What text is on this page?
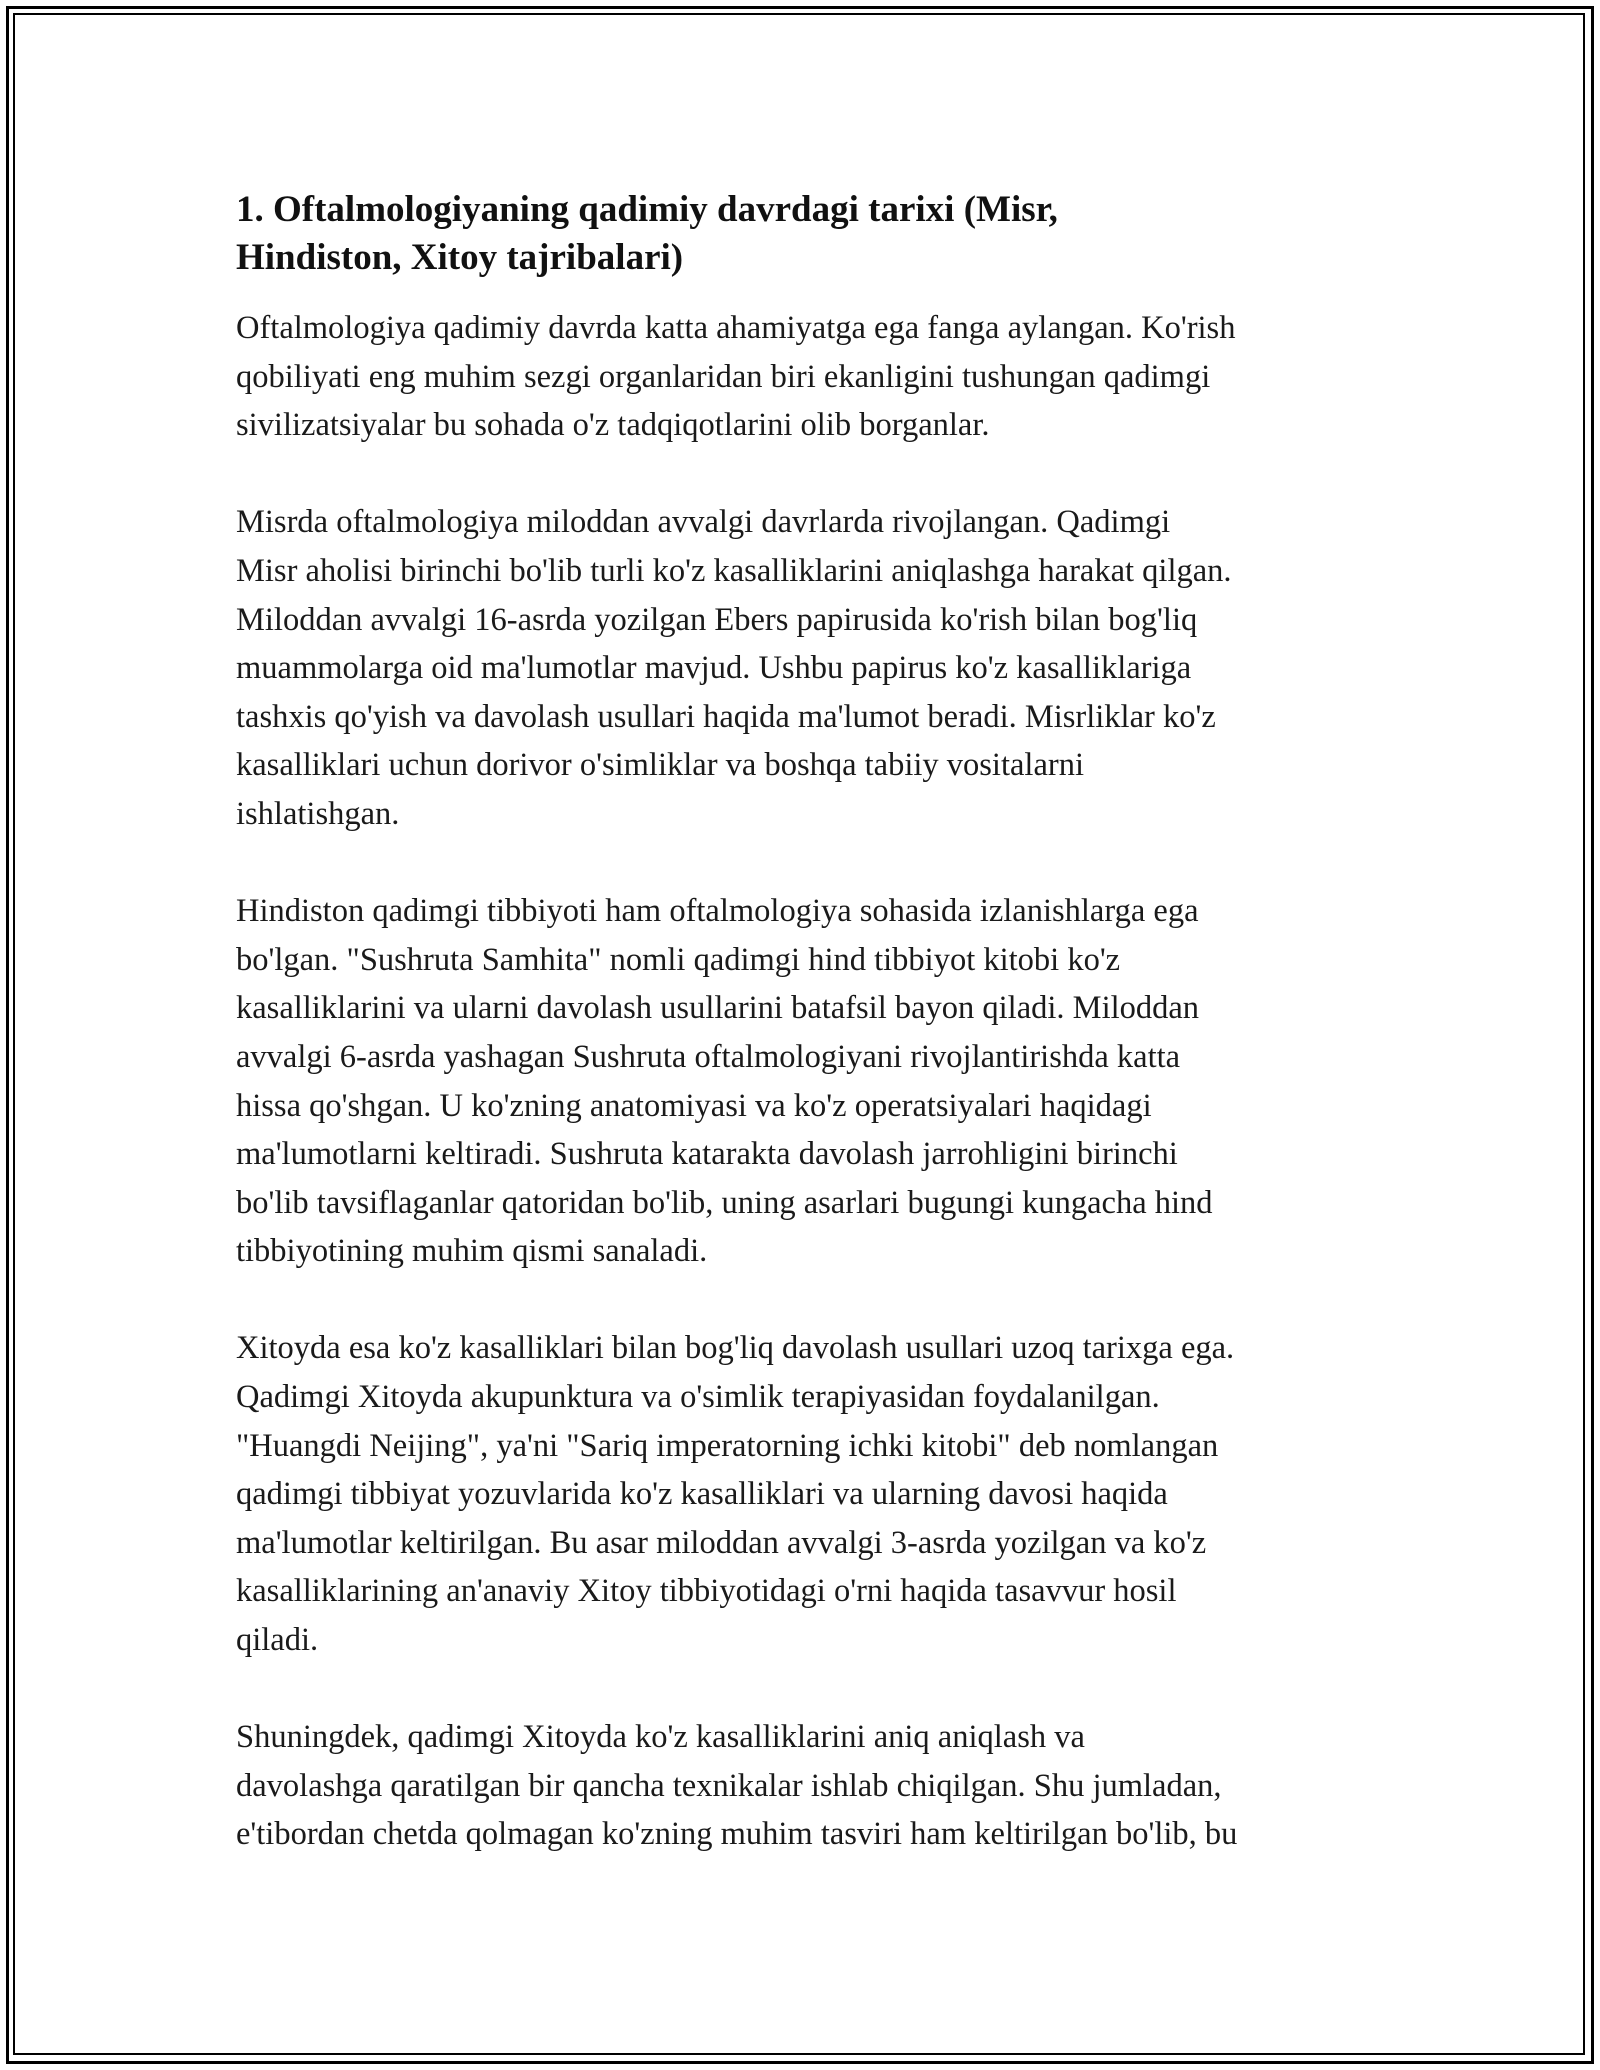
1. Oftalmologiyaning qadimiy davrdagi tarixi (Misr,
Hindiston, Xitoy tajribalari)

Oftalmologiya qadimiy davrda katta ahamiyatga ega fanga aylangan. Ko'rish
qobiliyati eng muhim sezgi organlaridan biri ekanligini tushungan qadimgi
sivilizatsiyalar bu sohada o'z tadqiqotlarini olib borganlar.

Misrda oftalmologiya miloddan avvalgi davrlarda rivojlangan. Qadimgi
Misr aholisi birinchi bo'lib turli ko'z kasalliklarini aniqlashga harakat qilgan.
Miloddan avvalgi 16-asrda yozilgan Ebers papirusida ko'rish bilan bog'liq
muammolarga oid ma'lumotlar mavjud. Ushbu papirus ko'z kasalliklariga
tashxis qo'yish va davolash usullari haqida ma'lumot beradi. Misrliklar ko'z
kasalliklari uchun dorivor o'simliklar va boshqa tabiiy vositalarni
ishlatishgan.

Hindiston qadimgi tibbiyoti ham oftalmologiya sohasida izlanishlarga ega
bo'lgan. "Sushruta Samhita" nomli qadimgi hind tibbiyot kitobi ko'z
kasalliklarini va ularni davolash usullarini batafsil bayon qiladi. Miloddan
avvalgi 6-asrda yashagan Sushruta oftalmologiyani rivojlantirishda katta
hissa qo'shgan. U ko'zning anatomiyasi va ko'z operatsiyalari haqidagi
ma'lumotlarni keltiradi. Sushruta katarakta davolash jarrohligini birinchi
bo'lib tavsiflaganlar qatoridan bo'lib, uning asarlari bugungi kungacha hind
tibbiyotining muhim qismi sanaladi.

Xitoyda esa ko'z kasalliklari bilan bog'liq davolash usullari uzoq tarixga ega.
Qadimgi Xitoyda akupunktura va o'simlik terapiyasidan foydalanilgan.
"Huangdi Neijing", ya'ni "Sariq imperatorning ichki kitobi" deb nomlangan
qadimgi tibbiyat yozuvlarida ko'z kasalliklari va ularning davosi haqida
ma'lumotlar keltirilgan. Bu asar miloddan avvalgi 3-asrda yozilgan va ko'z
kasalliklarining an'anaviy Xitoy tibbiyotidagi o'rni haqida tasavvur hosil
qiladi.

Shuningdek, qadimgi Xitoyda ko'z kasalliklarini aniq aniqlash va
davolashga qaratilgan bir qancha texnikalar ishlab chiqilgan. Shu jumladan,
e'tibordan chetda qolmagan ko'zning muhim tasviri ham keltirilgan bo'lib, bu
